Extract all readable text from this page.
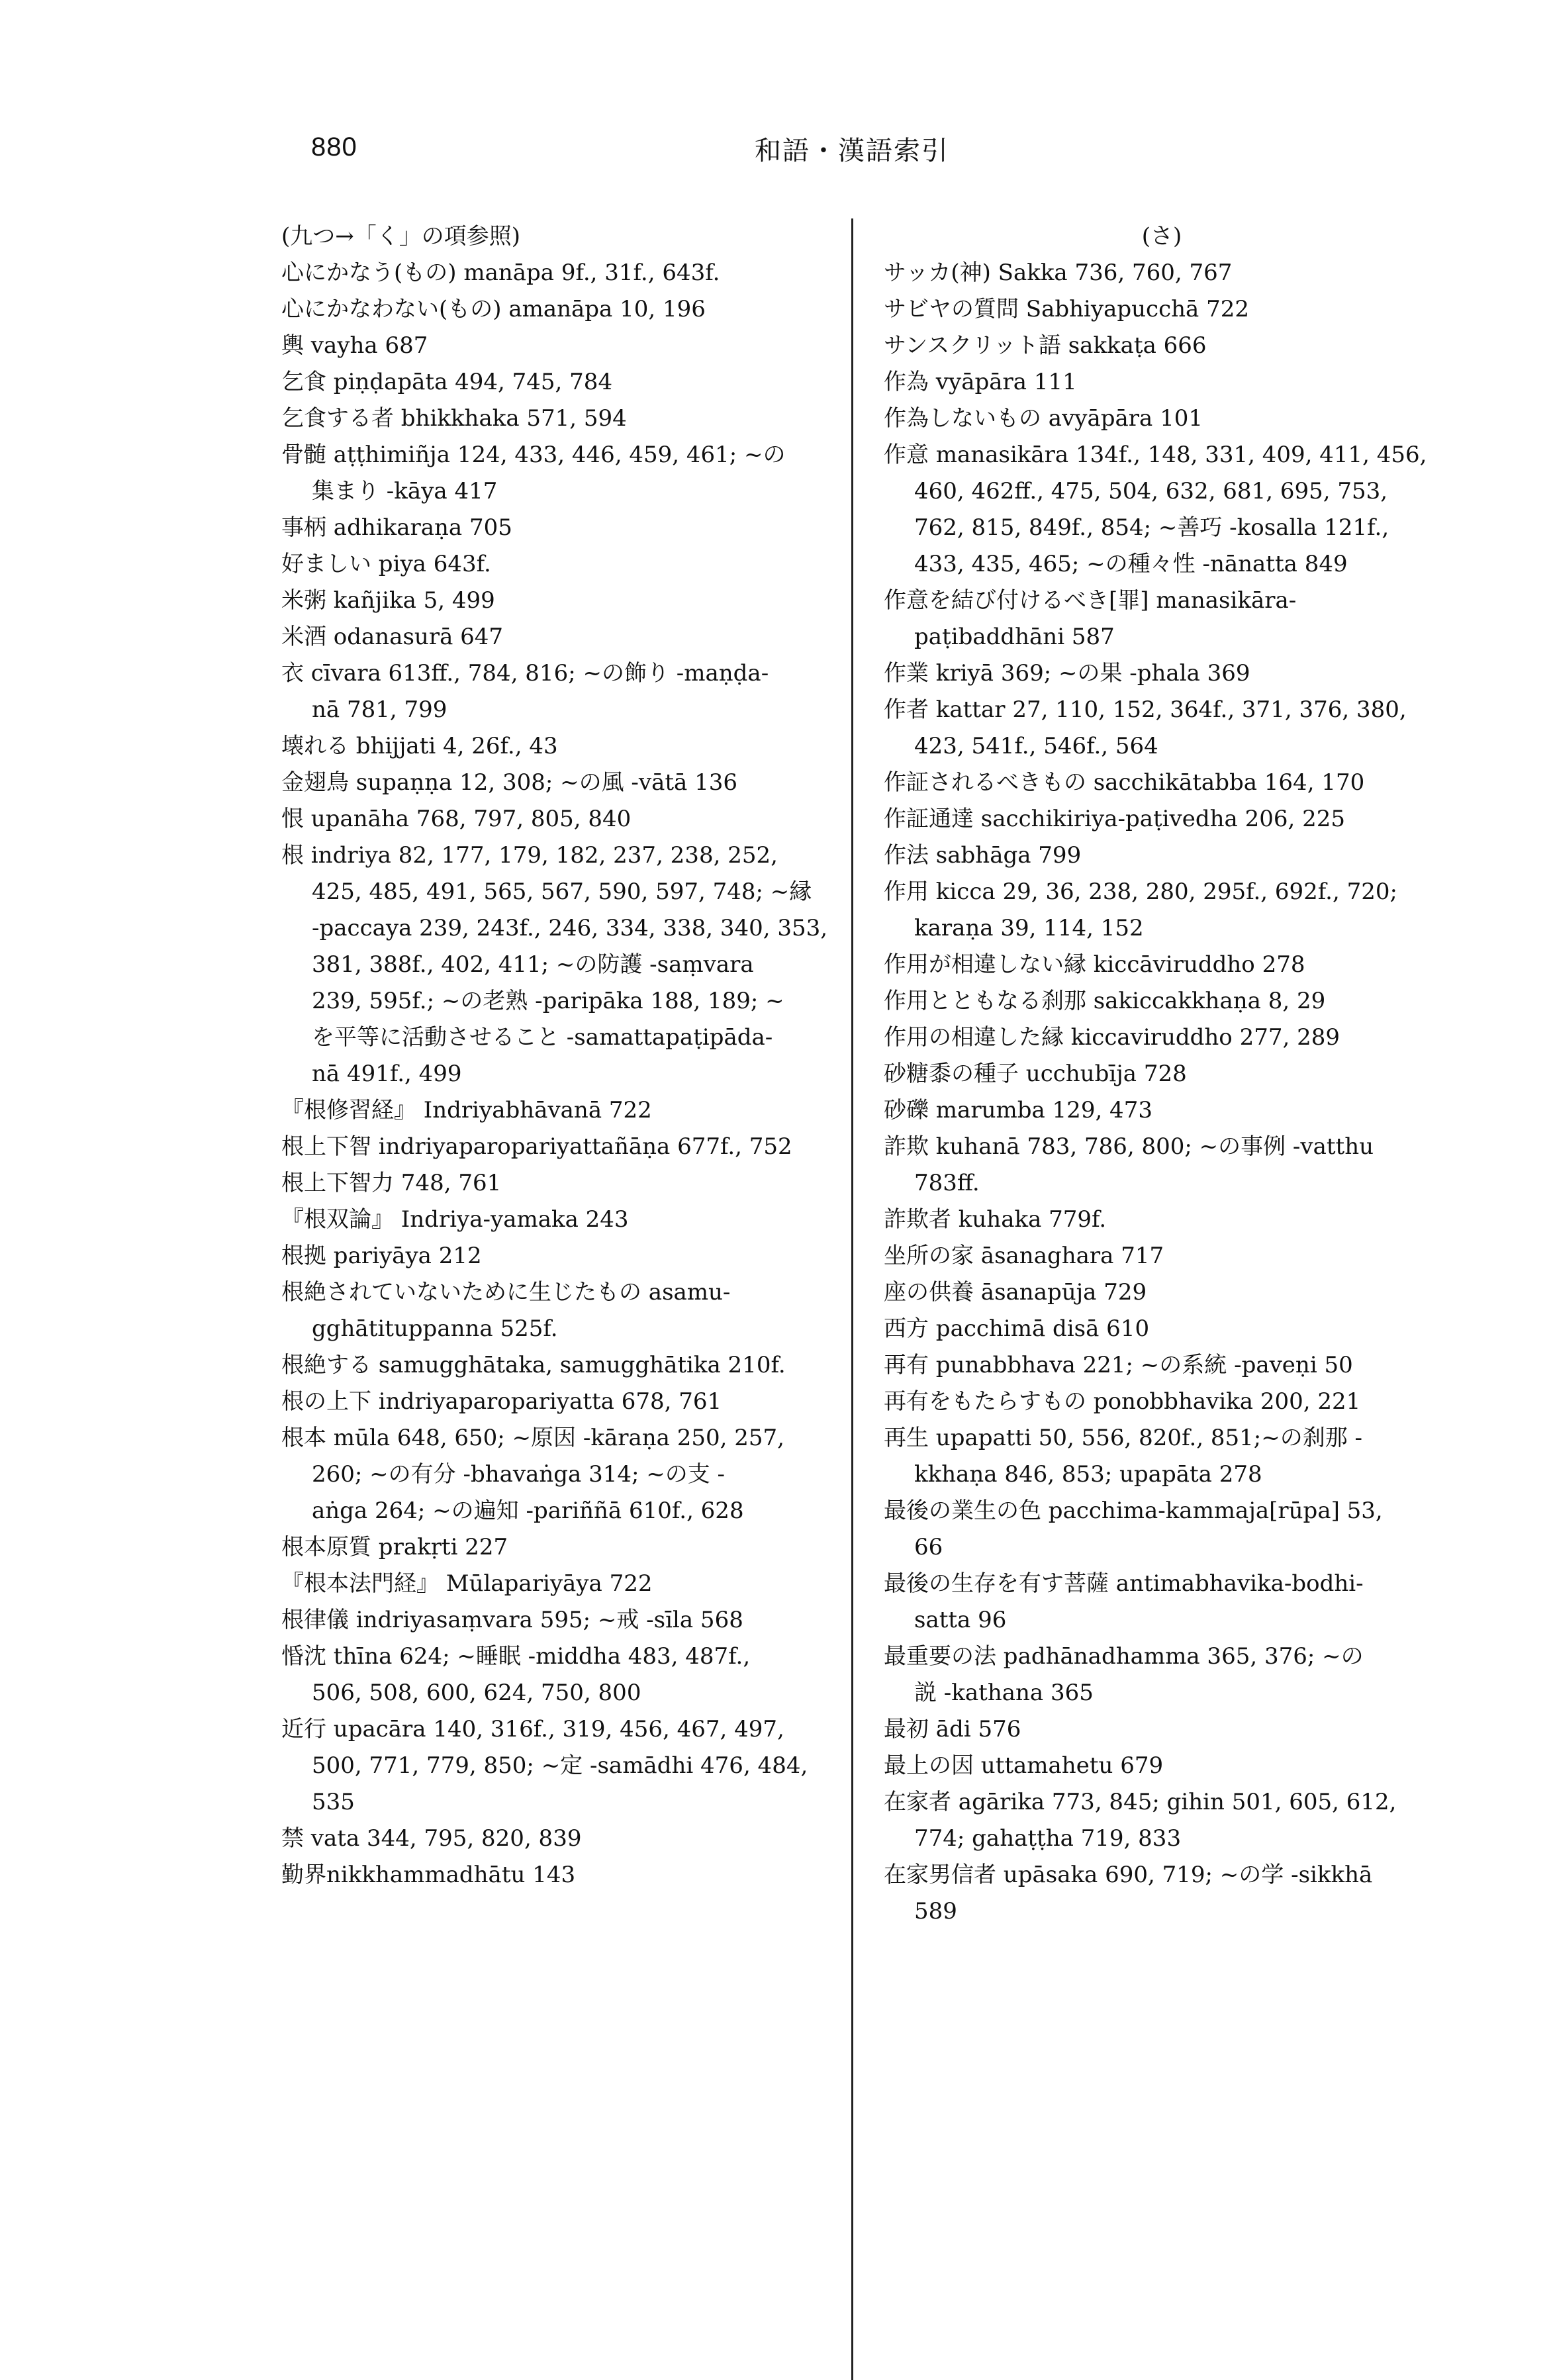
880	和語・漢語索引
(九つ→「く」の項参照)
心にかなう(もの) manāpa 9f., 31f., 643f.
心にかなわない(もの) amanāpa 10, 196
輿 vayha 687
乞食 piṇḍapāta 494, 745, 784
乞食する者 bhikkhaka 571, 594
骨髄 aṭṭhimiñja 124, 433, 446, 459, 461; ~の
集まり -kāya 417
事柄 adhikaraṇa 705
好ましい piya 643f.
米粥 kañjika 5, 499
米酒 odanasurā 647
衣 cīvara 613ff., 784, 816; ~の飾り -maṇḍa-
nā 781, 799
壊れる bhijjati 4, 26f., 43
金翅鳥 supaṇṇa 12, 308; ~の風 -vātā 136
恨 upanāha 768, 797, 805, 840
根 indriya 82, 177, 179, 182, 237, 238, 252,
425, 485, 491, 565, 567, 590, 597, 748; ~縁
-paccaya 239, 243f., 246, 334, 338, 340, 353,
381, 388f., 402, 411; ~の防護 -saṃvara
239, 595f.; ~の老熟 -paripāka 188, 189; ~
を平等に活動させること -samattapaṭipāda-
nā 491f., 499
『根修習経』 Indriyabhāvanā 722
根上下智 indriyaparopariyattañāṇa 677f., 752
根上下智力 748, 761
『根双論』 Indriya-yamaka 243
根拠 pariyāya 212
根絶されていないために生じたもの asamu-
gghātituppanna 525f.
根絶する samugghātaka, samugghātika 210f.
根の上下 indriyaparopariyatta 678, 761
根本 mūla 648, 650; ~原因 -kāraṇa 250, 257,
260; ~の有分 -bhavaṅga 314; ~の支 -
aṅga 264; ~の遍知 -pariññā 610f., 628
根本原質 prakṛti 227
『根本法門経』 Mūlapariyāya 722
根律儀 indriyasaṃvara 595; ~戒 -sīla 568
惛沈 thīna 624; ~睡眠 -middha 483, 487f.,
506, 508, 600, 624, 750, 800
近行 upacāra 140, 316f., 319, 456, 467, 497,
500, 771, 779, 850; ~定 -samādhi 476, 484,
535
禁 vata 344, 795, 820, 839
勤界nikkhammadhātu 143
(さ)
サッカ(神) Sakka 736, 760, 767
サビヤの質問 Sabhiyapucchā 722
サンスクリット語 sakkaṭa 666
作為 vyāpāra 111
作為しないもの avyāpāra 101
作意 manasikāra 134f., 148, 331, 409, 411, 456,
460, 462ff., 475, 504, 632, 681, 695, 753,
762, 815, 849f., 854; ~善巧 -kosalla 121f.,
433, 435, 465; ~の種々性 -nānatta 849
作意を結び付けるべき[罪] manasikāra-
paṭibaddhāni 587
作業 kriyā 369; ~の果 -phala 369
作者 kattar 27, 110, 152, 364f., 371, 376, 380,
423, 541f., 546f., 564
作証されるべきもの sacchikātabba 164, 170
作証通達 sacchikiriya-paṭivedha 206, 225
作法 sabhāga 799
作用 kicca 29, 36, 238, 280, 295f., 692f., 720;
karaṇa 39, 114, 152
作用が相違しない縁 kiccāviruddho 278
作用とともなる刹那 sakiccakkhaṇa 8, 29
作用の相違した縁 kiccaviruddho 277, 289
砂糖黍の種子 ucchubīja 728
砂礫 marumba 129, 473
詐欺 kuhanā 783, 786, 800; ~の事例 -vatthu
783ff.
詐欺者 kuhaka 779f.
坐所の家 āsanaghara 717
座の供養 āsanapūja 729
西方 pacchimā disā 610
再有 punabbhava 221; ~の系統 -paveṇi 50
再有をもたらすもの ponobbhavika 200, 221
再生 upapatti 50, 556, 820f., 851;~の刹那 -
kkhaṇa 846, 853; upapāta 278
最後の業生の色 pacchima-kammaja[rūpa] 53,
66
最後の生存を有す菩薩 antimabhavika-bodhi-
satta 96
最重要の法 padhānadhamma 365, 376; ~の
説 -kathana 365
最初 ādi 576
最上の因 uttamahetu 679
在家者 agārika 773, 845; gihin 501, 605, 612,
774; gahaṭṭha 719, 833
在家男信者 upāsaka 690, 719; ~の学 -sikkhā
589
